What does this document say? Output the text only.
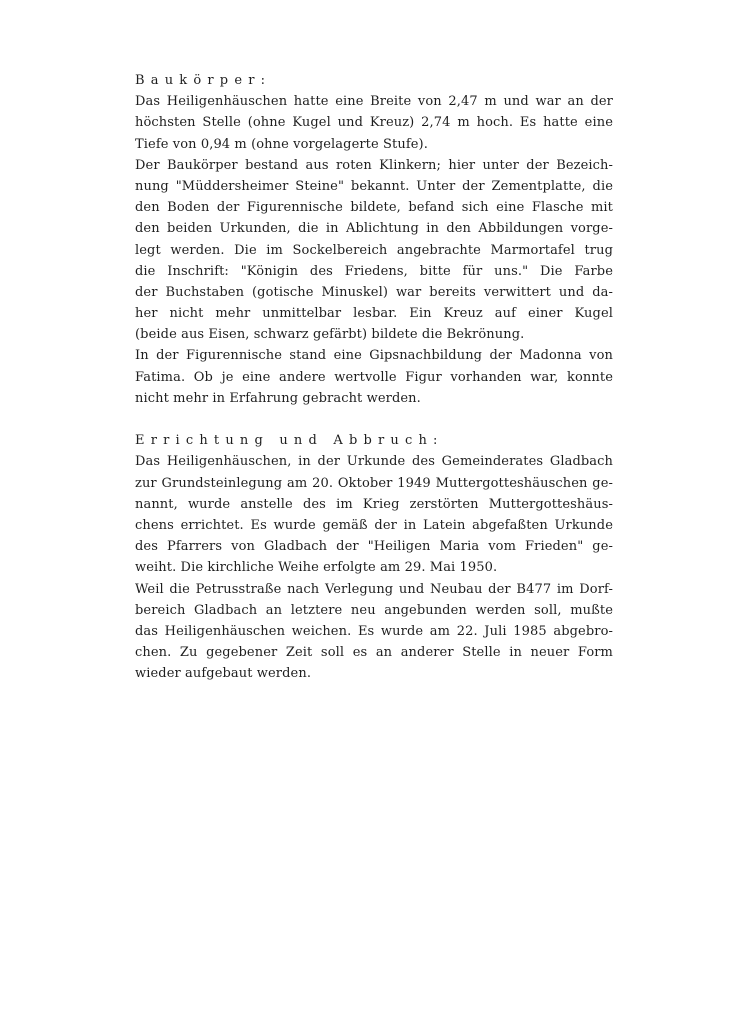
Baukörper:
Das Heiligenhäuschen hatte eine Breite von 2,47 m und war an der
höchsten Stelle (ohne Kugel und Kreuz) 2,74 m hoch. Es hatte eine
Tiefe von 0,94 m (ohne vorgelagerte Stufe).
Der Baukörper bestand aus roten Klinkern; hier unter der Bezeich-
nung "Müddersheimer Steine" bekannt. Unter der Zementplatte, die
den Boden der Figurennische bildete, befand sich eine Flasche mit
den beiden Urkunden, die in Ablichtung in den Abbildungen vorge-
legt werden. Die im Sockelbereich angebrachte Marmortafel trug
die Inschrift: "Königin des Friedens, bitte für uns." Die Farbe
der Buchstaben (gotische Minuskel) war bereits verwittert und da-
her nicht mehr unmittelbar lesbar. Ein Kreuz auf einer Kugel
(beide aus Eisen, schwarz gefärbt) bildete die Bekrönung.
In der Figurennische stand eine Gipsnachbildung der Madonna von
Fatima. Ob je eine andere wertvolle Figur vorhanden war, konnte
nicht mehr in Erfahrung gebracht werden.
Errichtung und Abbruch:
Das Heiligenhäuschen, in der Urkunde des Gemeinderates Gladbach
zur Grundsteinlegung am 20. Oktober 1949 Muttergotteshäuschen ge-
nannt, wurde anstelle des im Krieg zerstörten Muttergotteshäus-
chens errichtet. Es wurde gemäß der in Latein abgefaßten Urkunde
des Pfarrers von Gladbach der "Heiligen Maria vom Frieden" ge-
weiht. Die kirchliche Weihe erfolgte am 29. Mai 1950.
Weil die Petrusstraße nach Verlegung und Neubau der B477 im Dorf-
bereich Gladbach an letztere neu angebunden werden soll, mußte
das Heiligenhäuschen weichen. Es wurde am 22. Juli 1985 abgebro-
chen. Zu gegebener Zeit soll es an anderer Stelle in neuer Form
wieder aufgebaut werden.
